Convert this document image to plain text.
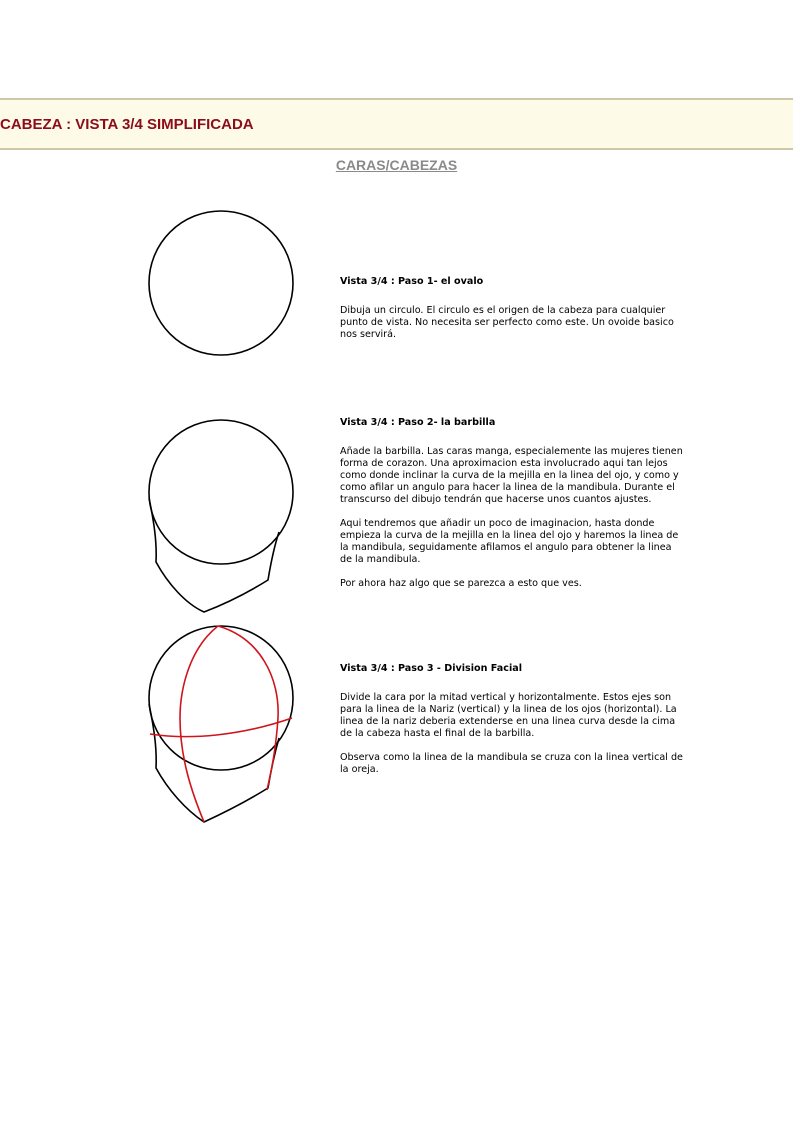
CABEZA : VISTA 3/4 SIMPLIFICADA
CARAS/CABEZAS
Vista 3/4 : Paso 1- el ovalo

Dibuja un circulo. El circulo es el origen de la cabeza para cualquier punto de vista. No necesita ser perfecto como este. Un ovoide basico nos servirá.

Vista 3/4 : Paso 2- la barbilla

Añade la barbilla. Las caras manga, especialemente las mujeres tienen forma de corazon. Una aproximacion esta involucrado aqui tan lejos como donde inclinar la curva de la mejilla en la linea del ojo, y como y como afilar un angulo para hacer la linea de la mandibula. Durante el transcurso del dibujo tendrán que hacerse unos cuantos ajustes.

Aqui tendremos que añadir un poco de imaginacion, hasta donde empieza la curva de la mejilla en la linea del ojo y haremos la linea de la mandibula, seguidamente afilamos el angulo para obtener la linea de la mandibula.

Por ahora haz algo que se parezca a esto que ves.

Vista 3/4 : Paso 3 - Division Facial

Divide la cara por la mitad vertical y horizontalmente. Estos ejes son para la linea de la Nariz (vertical) y la linea de los ojos (horizontal). La linea de la nariz deberia extenderse en una linea curva desde la cima de la cabeza hasta el final de la barbilla.

Observa como la linea de la mandibula se cruza con la linea vertical de la oreja.
